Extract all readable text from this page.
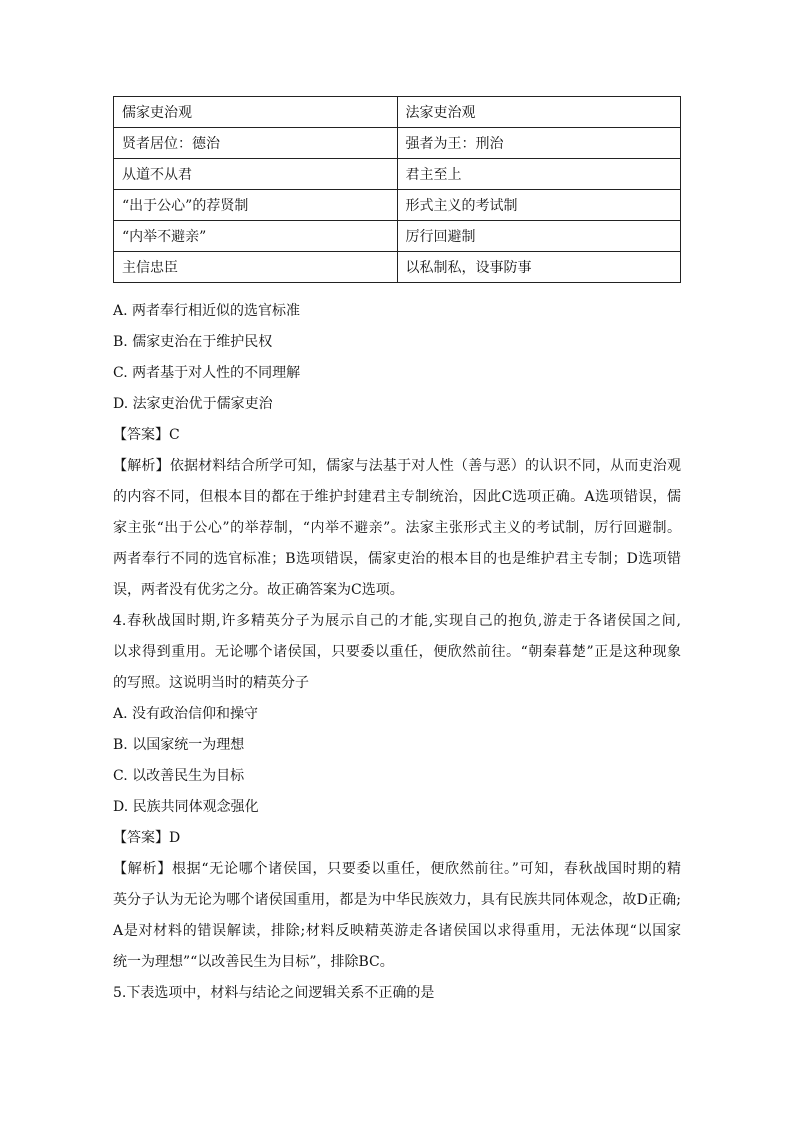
儒家吏治观	法家吏治观
贤者居位：德治	强者为王：刑治
从道不从君	君主至上
“出于公心”的荐贤制	形式主义的考试制
“内举不避亲”	厉行回避制
主信忠臣	以私制私，设事防事
A. 两者奉行相近似的选官标准
B. 儒家吏治在于维护民权
C. 两者基于对人性的不同理解
D. 法家吏治优于儒家吏治
【答案】C
【解析】依据材料结合所学可知，儒家与法基于对人性（善与恶）的认识不同，从而吏治观
的内容不同，但根本目的都在于维护封建君主专制统治，因此C选项正确。A选项错误，儒
家主张“出于公心”的举荐制，“内举不避亲”。法家主张形式主义的考试制，厉行回避制。
两者奉行不同的选官标准；B选项错误，儒家吏治的根本目的也是维护君主专制；D选项错
误，两者没有优劣之分。故正确答案为C选项。
4.春秋战国时期,许多精英分子为展示自己的才能,实现自己的抱负,游走于各诸侯国之间,
以求得到重用。无论哪个诸侯国，只要委以重任，便欣然前往。“朝秦暮楚”正是这种现象
的写照。这说明当时的精英分子
A. 没有政治信仰和操守
B. 以国家统一为理想
C. 以改善民生为目标
D. 民族共同体观念强化
【答案】D
【解析】根据“无论哪个诸侯国，只要委以重任，便欣然前往。”可知，春秋战国时期的精
英分子认为无论为哪个诸侯国重用，都是为中华民族效力，具有民族共同体观念，故D正确;
A是对材料的错误解读，排除;材料反映精英游走各诸侯国以求得重用，无法体现“以国家
统一为理想”“以改善民生为目标”，排除BC。
5.下表选项中，材料与结论之间逻辑关系不正确的是
